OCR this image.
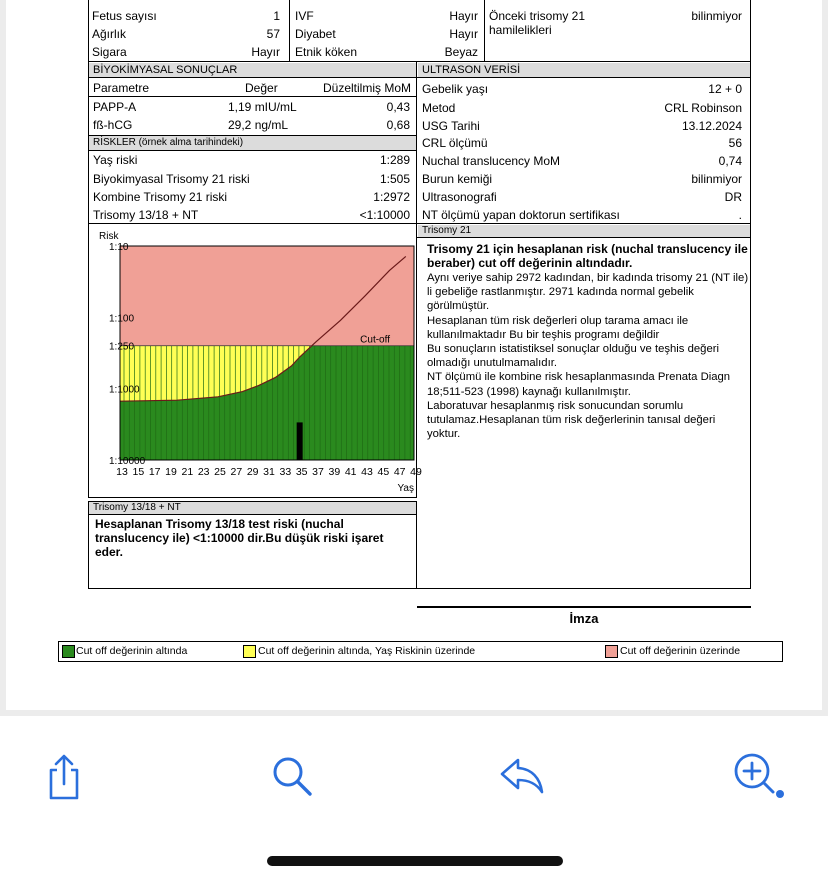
Fetus sayısı	1 IVF	Hayır
Ağırlık	57 Diyabet	Hayır
Sigara	Hayır Etnik köken	Beyaz
Önceki trisomy 21
hamilelikleri
bilinmiyor
BİYOKİMYASAL SONUÇLAR
Parametre	Değer	Düzeltilmiş MoM
PAPP-A	1,19 mIU/mL	0,43
fß-hCG	29,2 ng/mL	0,68
RİSKLER (örnek alma tarihindeki)
Yaş riski	1:289
Biyokimyasal Trisomy 21 riski	1:505
Kombine Trisomy 21 riski	1:2972
Trisomy 13/18 + NT	<1:10000
ULTRASON VERİSİ
Gebelik yaşı	12 + 0
Metod	CRL Robinson
USG Tarihi	13.12.2024
CRL ölçümü	56
Nuchal translucency MoM	0,74
Burun kemiği	bilinmiyor
Ultrasonografi	DR
NT ölçümü yapan doktorun sertifikası	.
Cut-off
Risk
1:10
1:100
1:250
1:1000
1:10000
13 15 17 19 21 23 25 27 29 31 33 35 37 39 41 43 45 47 49
Yaş
Trisomy 21

Trisomy 21 için hesaplanan risk (nuchal translucency ile beraber) cut off değerinin altındadır.

Aynı veriye sahip 2972 kadından, bir kadında trisomy 21 (NT ile) li gebeliğe rastlanmıştır. 2971 kadında normal gebelik görülmüştür.

Hesaplanan tüm risk değerleri olup tarama amacı ile kullanılmaktadır Bu bir teşhis programı değildir

Bu sonuçların istatistiksel sonuçlar olduğu ve teşhis değeri olmadığı unutulmamalıdır.

NT ölçümü ile kombine risk hesaplanmasında Prenata Diagn 18;511-523 (1998) kaynağı kullanılmıştır.

Laboratuvar hesaplanmış risk sonucundan sorumlu tutulamaz.Hesaplanan tüm risk değerlerinin tanısal değeri yoktur.

Trisomy 13/18 + NT
Hesaplanan Trisomy 13/18 test riski (nuchal translucency ile) <1:10000 dir.Bu düşük riski işaret eder.
İmza
Cut off değerinin altında	Cut off değerinin altında, Yaş Riskinin üzerinde	Cut off değerinin üzerinde
